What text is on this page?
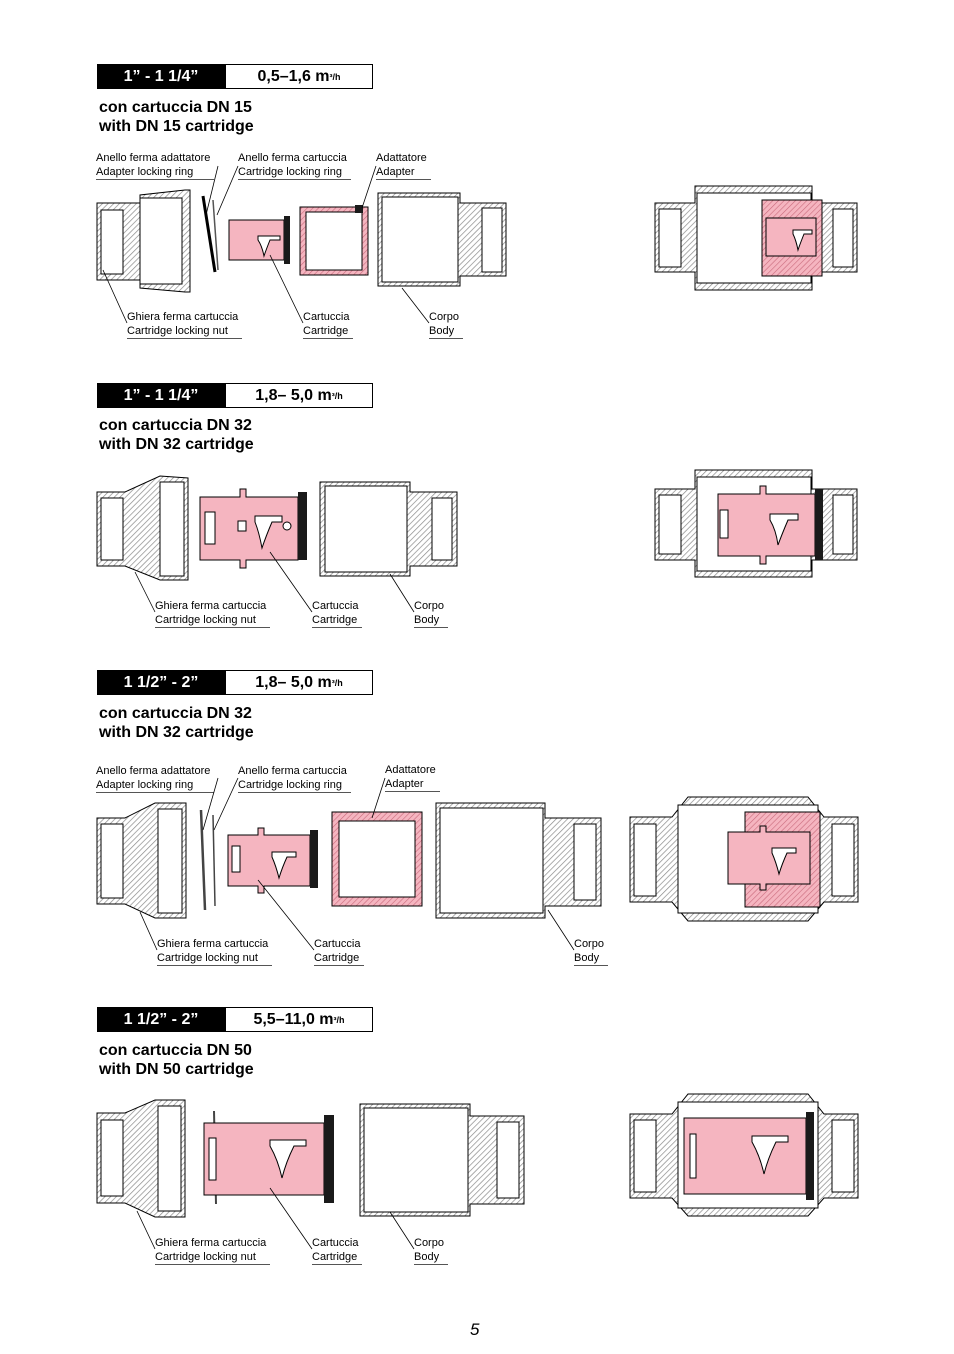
1” - 1 1/4”	0,5–1,6 m ³/h
con cartuccia DN 15
with DN 15 cartridge
Anello ferma adattatore
Adapter locking ring
Anello ferma cartuccia
Cartridge locking ring
Adattatore
Adapter
Ghiera ferma cartuccia
Cartridge locking nut
Cartuccia
Cartridge
Corpo
Body
1” - 1 1/4”	1,8– 5,0 m ³/h
con cartuccia DN 32
with DN 32 cartridge
Ghiera ferma cartuccia
Cartridge locking nut
Cartuccia
Cartridge
Corpo
Body
1 1/2” - 2”	1,8– 5,0 m ³/h
con cartuccia DN 32
with DN 32 cartridge
Anello ferma adattatore
Adapter locking ring
Anello ferma cartuccia
Cartridge locking ring
Adattatore
Adapter
Ghiera ferma cartuccia
Cartridge locking nut
Cartuccia
Cartridge
Corpo
Body
1 1/2” - 2”	5,5–11,0 m ³/h
con cartuccia DN 50
with DN 50 cartridge
Ghiera ferma cartuccia
Cartridge locking nut
Cartuccia
Cartridge
Corpo
Body
5
